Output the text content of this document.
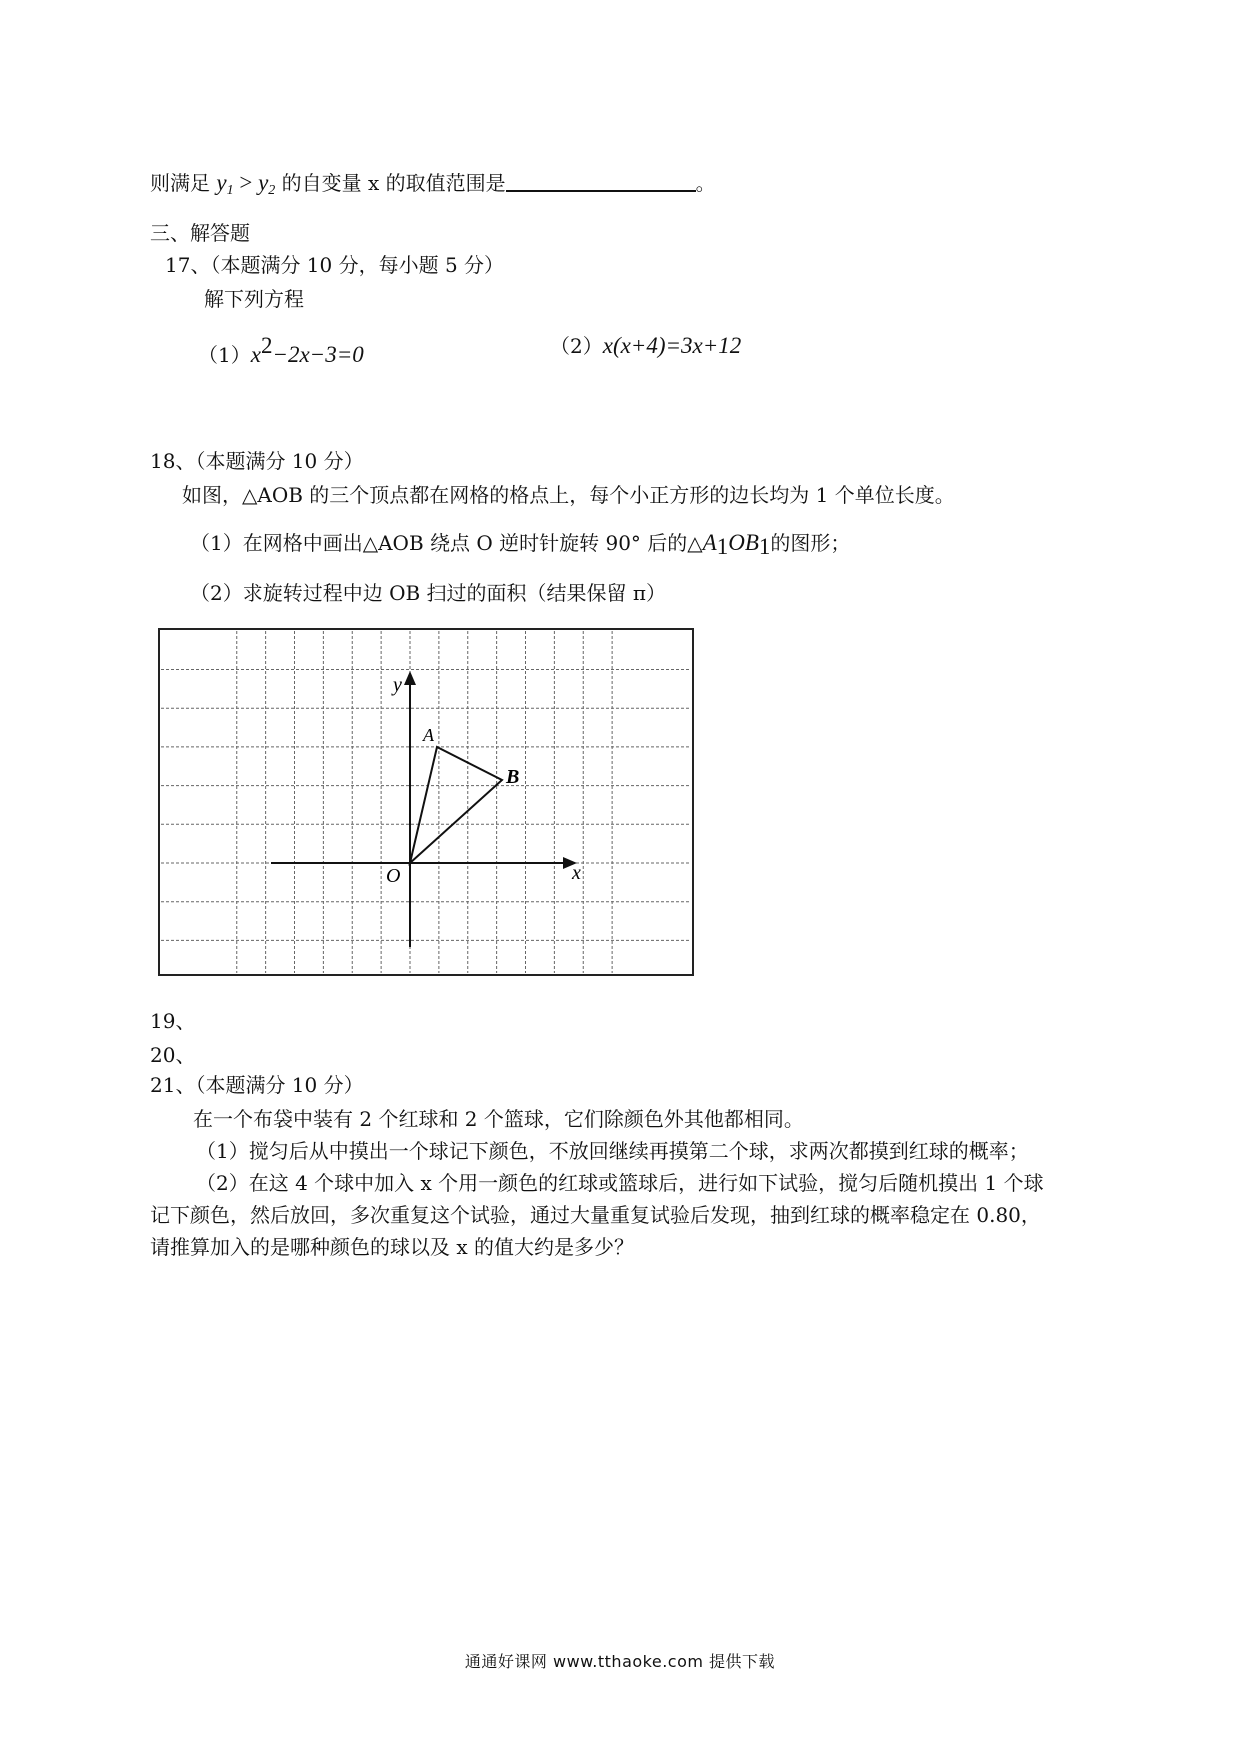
则满足 $y_1 > y_2$ 的自变量 x 的取值范围是	。
三、解答题
17、（本题满分 10 分，每小题 5 分）
解下列方程
$(1)x^2-2x-3=0$	（2）x(x+4)=3x+12
18、（本题满分 10 分）
如图，△AOB 的三个顶点都在网格的格点上，每个小正方形的边长均为 1 个单位长度。
（1）在网格中画出△AOB 绕点 O 逆时针旋转 90° 后的$\triangle A_1OB_1$的图形；
（2）求旋转过程中边 OB 扫过的面积（结果保留 π）
y
x
A
B
O
19、
20、
21、（本题满分 10 分）
在一个布袋中装有 2 个红球和 2 个篮球，它们除颜色外其他都相同。
（1）搅匀后从中摸出一个球记下颜色，不放回继续再摸第二个球，求两次都摸到红球的概率；
（2）在这 4 个球中加入 x 个用一颜色的红球或篮球后，进行如下试验，搅匀后随机摸出 1 个球
记下颜色，然后放回，多次重复这个试验，通过大量重复试验后发现，抽到红球的概率稳定在 0.80，
请推算加入的是哪种颜色的球以及 x 的值大约是多少？
通通好课网 www.tthaoke.com 提供下载
